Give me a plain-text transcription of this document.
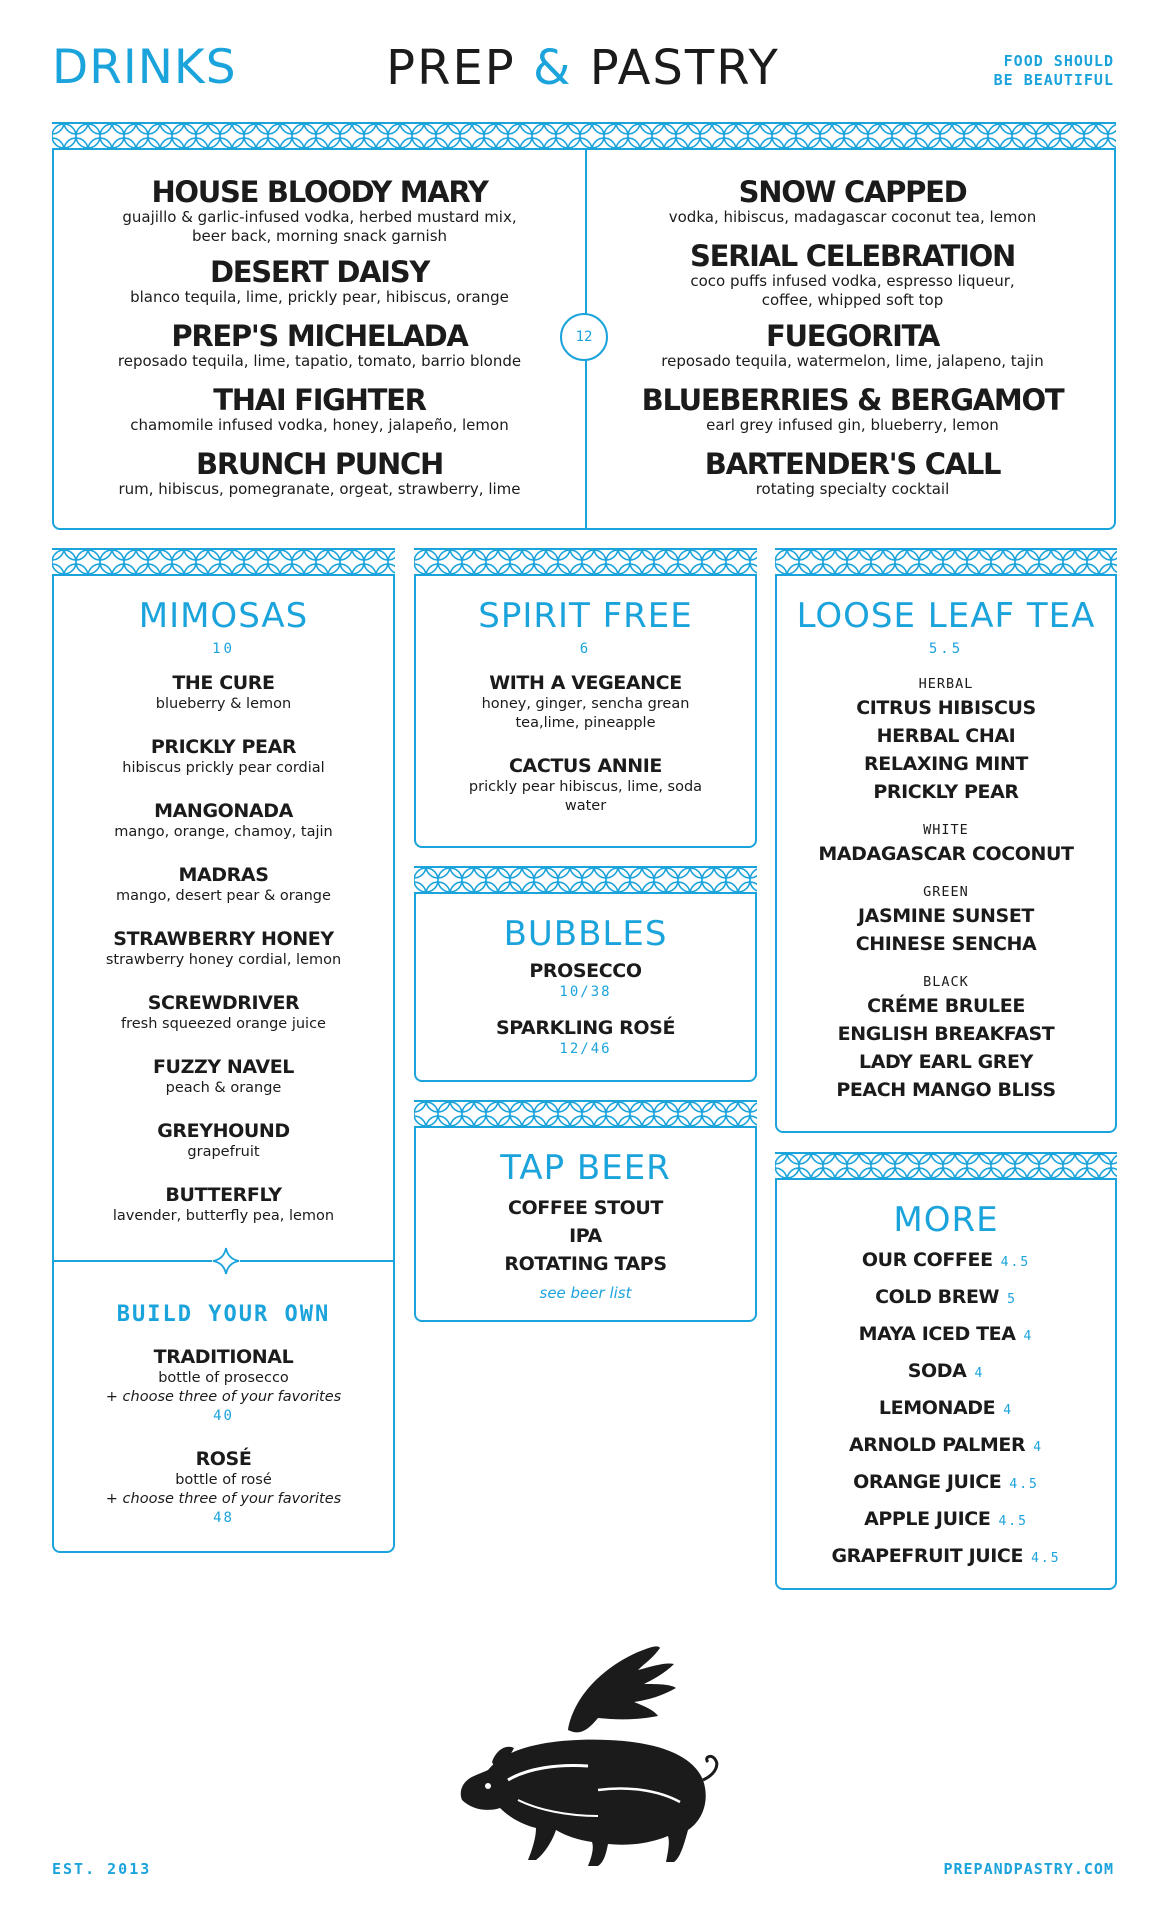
DRINKS	PREP & PASTRY	FOOD SHOULD
BE BEAUTIFUL
HOUSE BLOODY MARY
guajillo & garlic-infused vodka, herbed mustard mix,
beer back, morning snack garnish
DESERT DAISY
blanco tequila, lime, prickly pear, hibiscus, orange
PREP'S MICHELADA
reposado tequila, lime, tapatio, tomato, barrio blonde
THAI FIGHTER
chamomile infused vodka, honey, jalapeño, lemon
BRUNCH PUNCH
rum, hibiscus, pomegranate, orgeat, strawberry, lime
SNOW CAPPED
vodka, hibiscus, madagascar coconut tea, lemon
SERIAL CELEBRATION
coco puffs infused vodka, espresso liqueur,
coffee, whipped soft top
FUEGORITA
reposado tequila, watermelon, lime, jalapeno, tajin
BLUEBERRIES & BERGAMOT
earl grey infused gin, blueberry, lemon
BARTENDER'S CALL
rotating specialty cocktail
12
MIMOSAS
10
THE CURE
blueberry & lemon
PRICKLY PEAR
hibiscus prickly pear cordial
MANGONADA
mango, orange, chamoy, tajin
MADRAS
mango, desert pear & orange
STRAWBERRY HONEY
strawberry honey cordial, lemon
SCREWDRIVER
fresh squeezed orange juice
FUZZY NAVEL
peach & orange
GREYHOUND
grapefruit
BUTTERFLY
lavender, butterfly pea, lemon
BUILD YOUR OWN
TRADITIONAL
bottle of prosecco
+ choose three of your favorites
40
ROSÉ
bottle of rosé
+ choose three of your favorites
48
SPIRIT FREE
6
WITH A VEGEANCE
honey, ginger, sencha grean
tea,lime, pineapple
CACTUS ANNIE
prickly pear hibiscus, lime, soda
water
BUBBLES
PROSECCO
10/38
SPARKLING ROSÉ
12/46
TAP BEER
COFFEE STOUT
IPA
ROTATING TAPS
see beer list
LOOSE LEAF TEA
5.5
HERBAL
CITRUS HIBISCUS
HERBAL CHAI
RELAXING MINT
PRICKLY PEAR
WHITE
MADAGASCAR COCONUT
GREEN
JASMINE SUNSET
CHINESE SENCHA
BLACK
CRÉME BRULEE
ENGLISH BREAKFAST
LADY EARL GREY
PEACH MANGO BLISS
MORE
OUR COFFEE 4.5
COLD BREW 5
MAYA ICED TEA 4
SODA 4
LEMONADE 4
ARNOLD PALMER 4
ORANGE JUICE 4.5
APPLE JUICE 4.5
GRAPEFRUIT JUICE 4.5
EST. 2013	PREPANDPASTRY.COM
